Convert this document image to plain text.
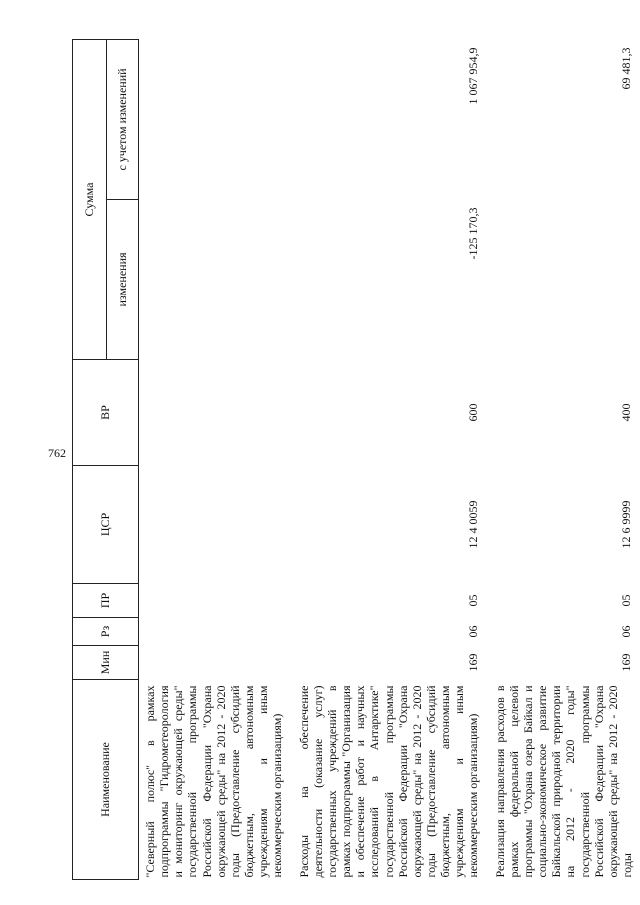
762
Наименование	Мин	Рз	ПР	ЦСР	ВР	Сумма	
						изменения	с учетом изменений
"Северный полюс" в рамках подпрограммы "Гидрометеорология и мониторинг окружающей среды" государственной программы Российской Федерации "Охрана окружающей среды" на 2012 - 2020 годы (Предоставление субсидий бюджетным, автономным учреждениям и иным некоммерческим организациям)							
Расходы на обеспечение деятельности (оказание услуг) государственных учреждений в рамках подпрограммы "Организация и обеспечение работ и научных исследований в Антарктике" государственной программы Российской Федерации "Охрана окружающей среды" на 2012 - 2020 годы (Предоставление субсидий бюджетным, автономным учреждениям и иным некоммерческим организациям)	169	06	05	12 4 0059	600	-125 170,3	1 067 954,9
Реализация направления расходов в рамках федеральной целевой программы "Охрана озера Байкал и социально-экономическое развитие Байкальской природной территории на 2012 - 2020 годы" государственной программы Российской Федерации "Охрана окружающей среды" на 2012 - 2020 годы	169	06	05	12 6 9999	400		69 481,3
